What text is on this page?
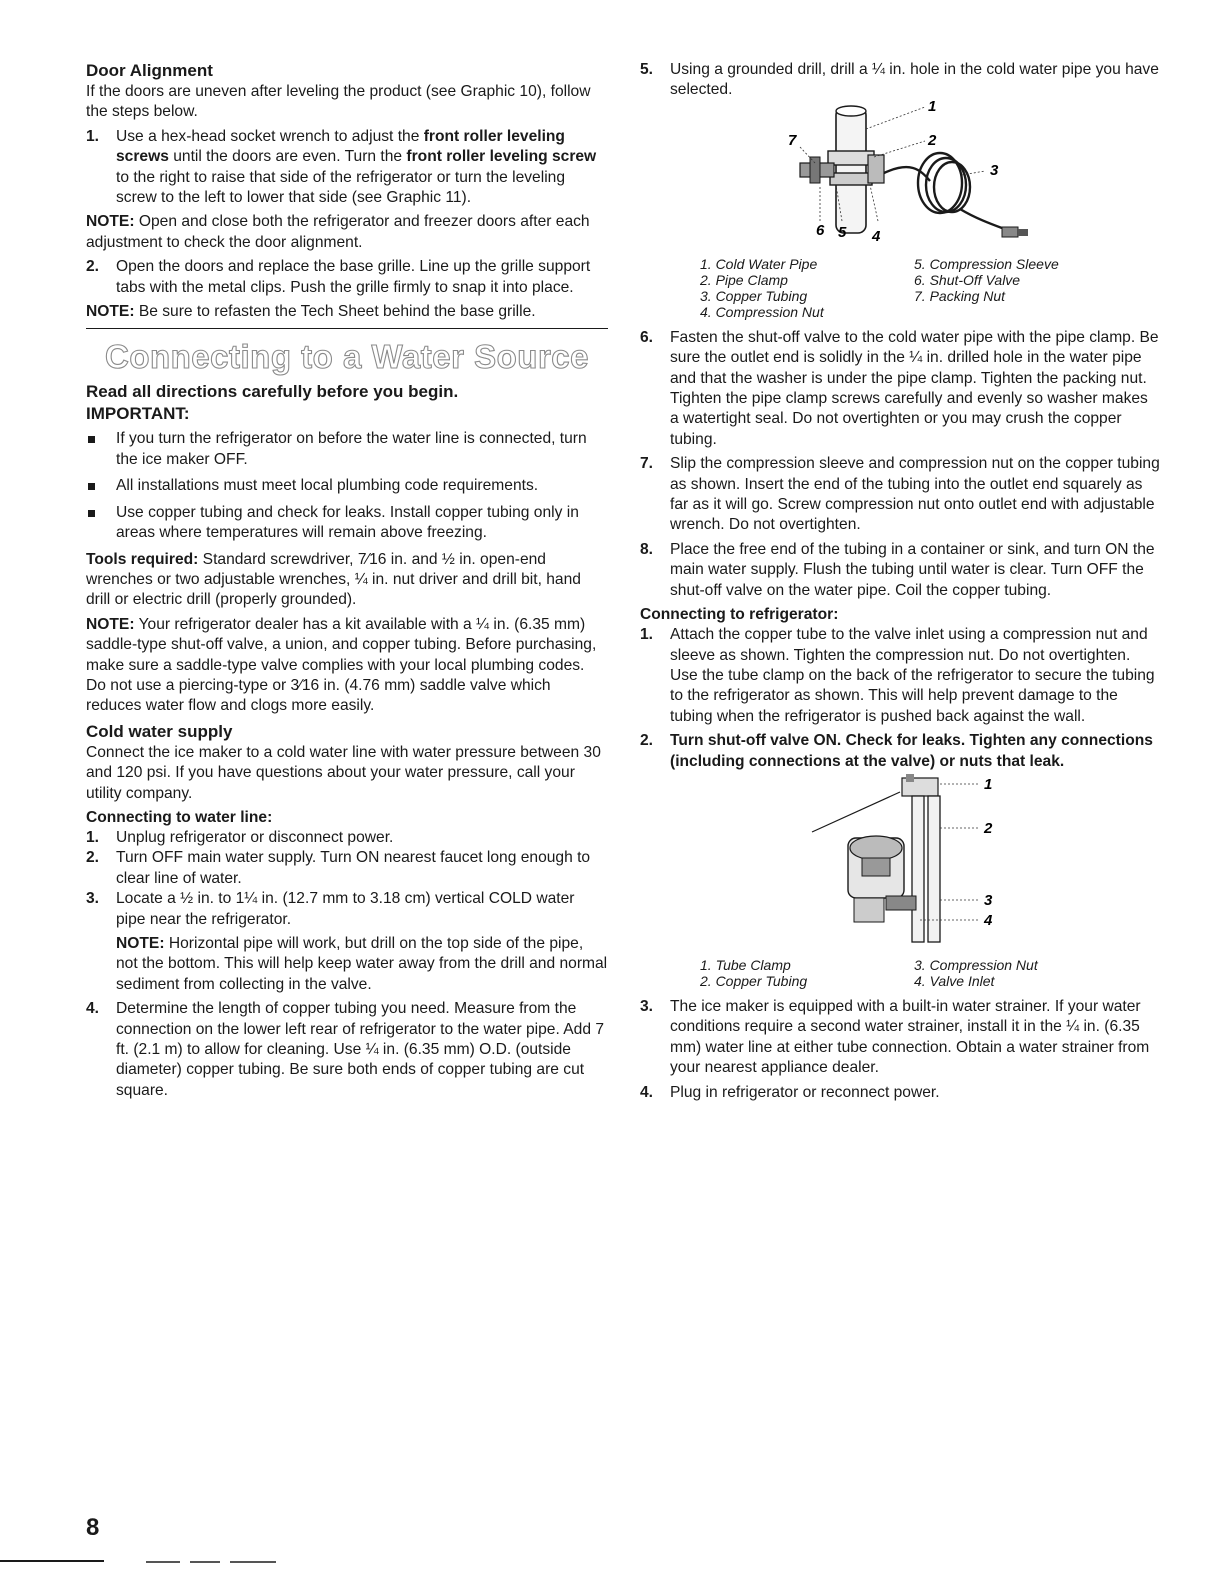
Door Alignment

If the doors are uneven after leveling the product (see Graphic 10), follow the steps below.

1. Use a hex-head socket wrench to adjust the front roller leveling screws until the doors are even. Turn the front roller leveling screw to the right to raise that side of the refrigerator or turn the leveling screw to the left to lower that side (see Graphic 11).

NOTE: Open and close both the refrigerator and freezer doors after each adjustment to check the door alignment.

2. Open the doors and replace the base grille. Line up the grille support tabs with the metal clips. Push the grille firmly to snap it into place.

NOTE: Be sure to refasten the Tech Sheet behind the base grille.

Connecting to a Water Source
Read all directions carefully before you begin.
IMPORTANT:
If you turn the refrigerator on before the water line is connected, turn the ice maker OFF.
All installations must meet local plumbing code requirements.
Use copper tubing and check for leaks. Install copper tubing only in areas where temperatures will remain above freezing.

Tools required: Standard screwdriver, 7⁄16 in. and ½ in. open-end wrenches or two adjustable wrenches, ¼ in. nut driver and drill bit, hand drill or electric drill (properly grounded).

NOTE: Your refrigerator dealer has a kit available with a ¼ in. (6.35 mm) saddle-type shut-off valve, a union, and copper tubing. Before purchasing, make sure a saddle-type valve complies with your local plumbing codes. Do not use a piercing-type or 3⁄16 in. (4.76 mm) saddle valve which reduces water flow and clogs more easily.

Cold water supply

Connect the ice maker to a cold water line with water pressure between 30 and 120 psi. If you have questions about your water pressure, call your utility company.

Connecting to water line:
1. Unplug refrigerator or disconnect power.
2. Turn OFF main water supply. Turn ON nearest faucet long enough to clear line of water.
3. Locate a ½ in. to 1¼ in. (12.7 mm to 3.18 cm) vertical COLD water pipe near the refrigerator.

NOTE: Horizontal pipe will work, but drill on the top side of the pipe, not the bottom. This will help keep water away from the drill and normal sediment from collecting in the valve.

4. Determine the length of copper tubing you need. Measure from the connection on the lower left rear of refrigerator to the water pipe. Add 7 ft. (2.1 m) to allow for cleaning. Use ¼ in. (6.35 mm) O.D. (outside diameter) copper tubing. Be sure both ends of copper tubing are cut square.
5. Using a grounded drill, drill a ¼ in. hole in the cold water pipe you have selected.
1
2
3
4
5
6
7
1. Cold Water Pipe	5. Compression Sleeve
2. Pipe Clamp	6. Shut-Off Valve
3. Copper Tubing	7. Packing Nut
4. Compression Nut
6. Fasten the shut-off valve to the cold water pipe with the pipe clamp. Be sure the outlet end is solidly in the ¼ in. drilled hole in the water pipe and that the washer is under the pipe clamp. Tighten the packing nut. Tighten the pipe clamp screws carefully and evenly so washer makes a watertight seal. Do not overtighten or you may crush the copper tubing.
7. Slip the compression sleeve and compression nut on the copper tubing as shown. Insert the end of the tubing into the outlet end squarely as far as it will go. Screw compression nut onto outlet end with adjustable wrench. Do not overtighten.
8. Place the free end of the tubing in a container or sink, and turn ON the main water supply. Flush the tubing until water is clear. Turn OFF the shut-off valve on the water pipe. Coil the copper tubing.
Connecting to refrigerator:
1. Attach the copper tube to the valve inlet using a compression nut and sleeve as shown. Tighten the compression nut. Do not overtighten. Use the tube clamp on the back of the refrigerator to secure the tubing to the refrigerator as shown. This will help prevent damage to the tubing when the refrigerator is pushed back against the wall.
2. Turn shut-off valve ON. Check for leaks. Tighten any connections (including connections at the valve) or nuts that leak.
1
2
3
4
1. Tube Clamp	3. Compression Nut
2. Copper Tubing	4. Valve Inlet
3. The ice maker is equipped with a built-in water strainer. If your water conditions require a second water strainer, install it in the ¼ in. (6.35 mm) water line at either tube connection. Obtain a water strainer from your nearest appliance dealer.
4. Plug in refrigerator or reconnect power.
8
